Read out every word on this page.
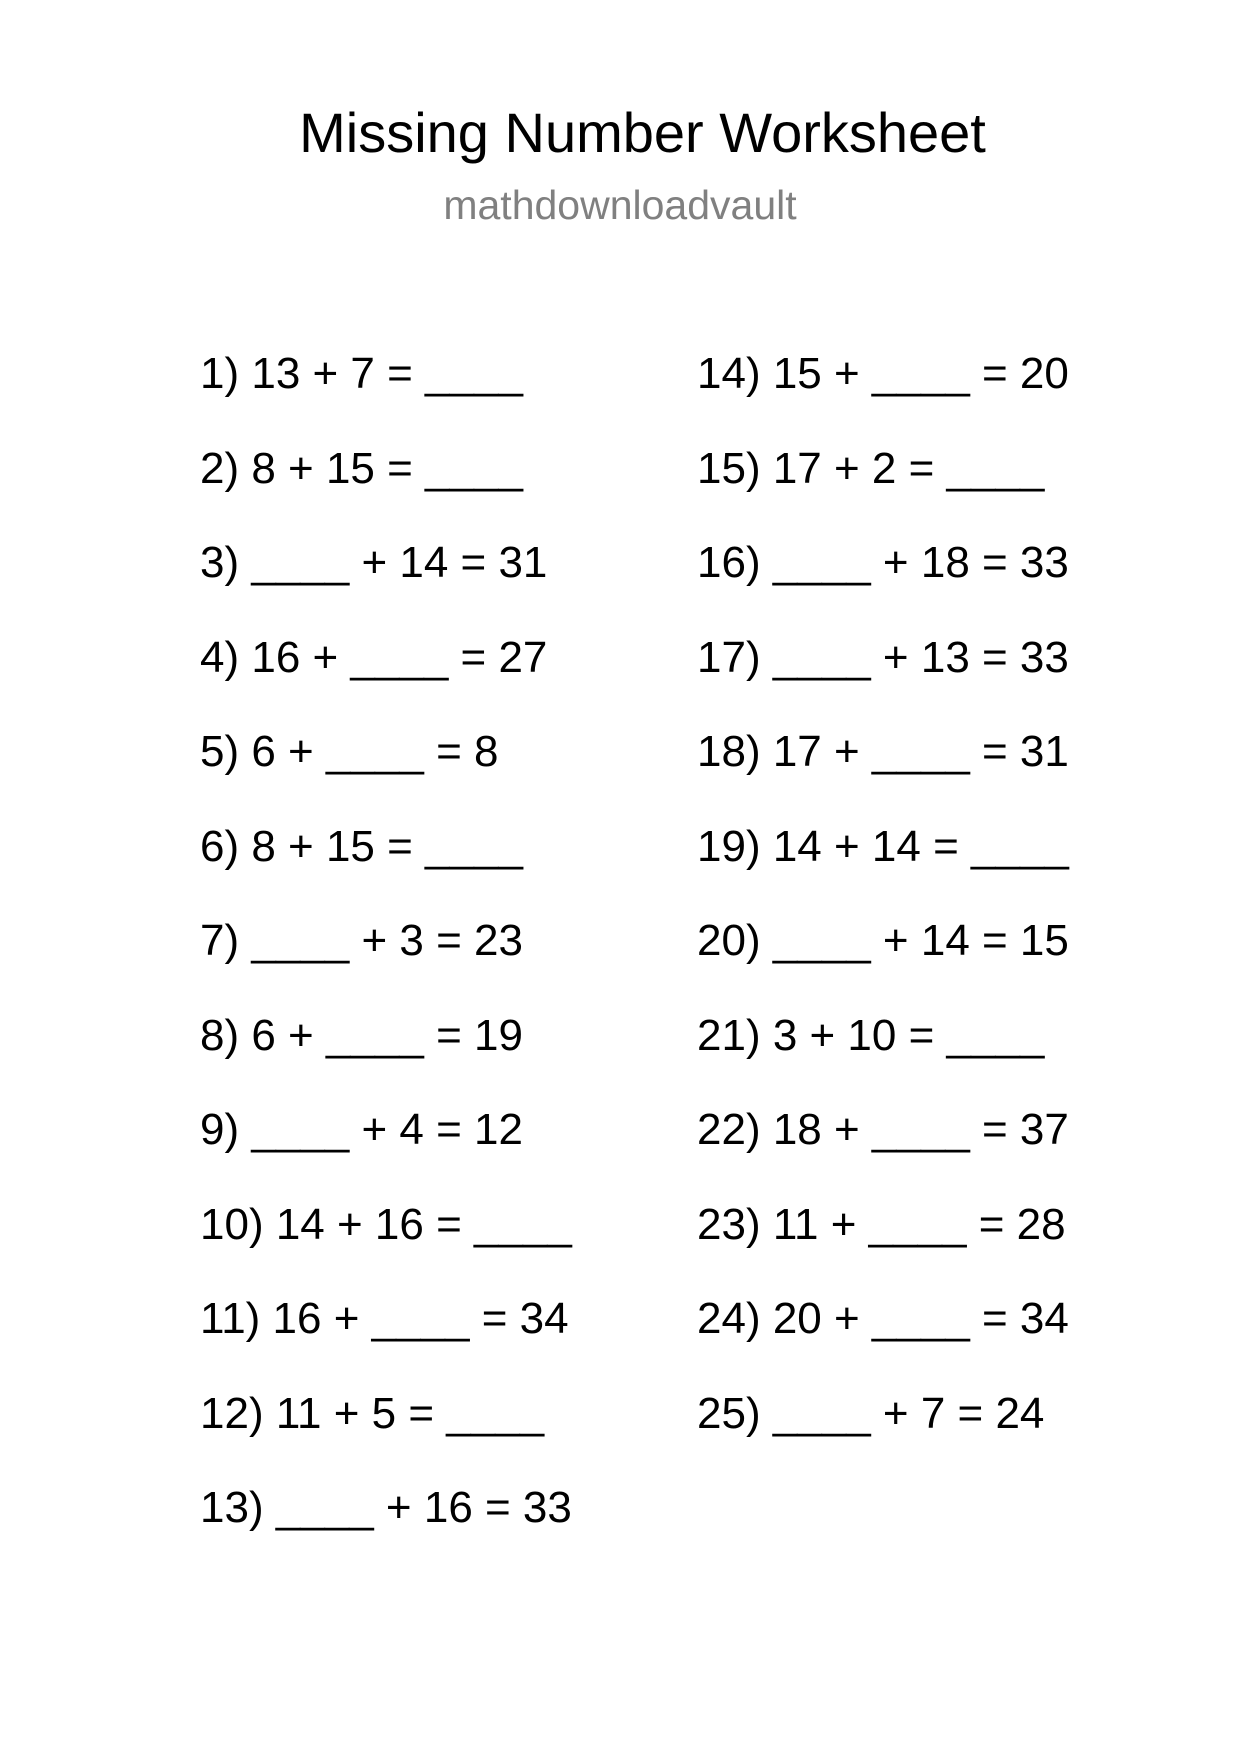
Missing Number Worksheet
mathdownloadvault
1) 13 + 7 = ____
2) 8 + 15 = ____
3) ____ + 14 = 31
4) 16 + ____ = 27
5) 6 + ____ = 8
6) 8 + 15 = ____
7) ____ + 3 = 23
8) 6 + ____ = 19
9) ____ + 4 = 12
10) 14 + 16 = ____
11) 16 + ____ = 34
12) 11 + 5 = ____
13) ____ + 16 = 33
14) 15 + ____ = 20
15) 17 + 2 = ____
16) ____ + 18 = 33
17) ____ + 13 = 33
18) 17 + ____ = 31
19) 14 + 14 = ____
20) ____ + 14 = 15
21) 3 + 10 = ____
22) 18 + ____ = 37
23) 11 + ____ = 28
24) 20 + ____ = 34
25) ____ + 7 = 24
